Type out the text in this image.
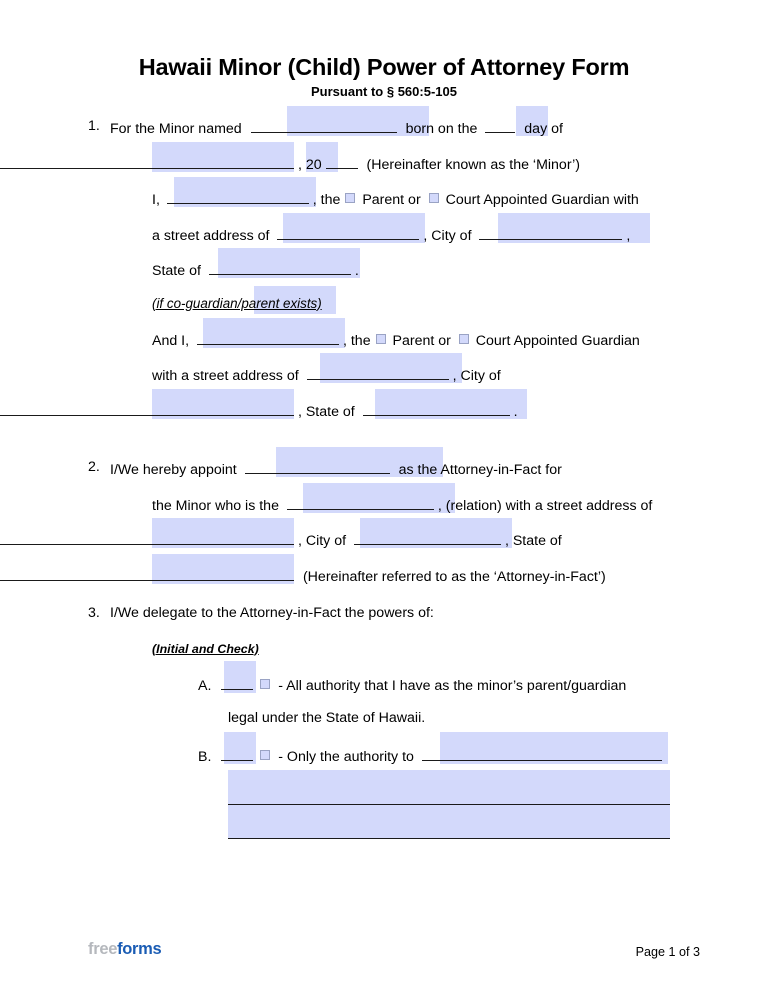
Hawaii Minor (Child) Power of Attorney Form
Pursuant to § 560:5-105
1. For the Minor named	born on the	day of
, 20	(Hereinafter known as the ‘Minor’)
I,	, the Parent or Court Appointed Guardian with
a street address of	, City of	,
State of	.
(if co-guardian/parent exists)
And I,	, the Parent or Court Appointed Guardian
with a street address of	, City of
, State of	.
2. I/We hereby appoint	as the Attorney-in-Fact for
the Minor who is the	, (relation) with a street address of
, City of	, State of
(Hereinafter referred to as the ‘Attorney-in-Fact’)
3. I/We delegate to the Attorney-in-Fact the powers of:
(Initial and Check)
A.	- All authority that I have as the minor’s parent/guardian
legal under the State of Hawaii.
B.	- Only the authority to
freeforms	Page 1 of 3
